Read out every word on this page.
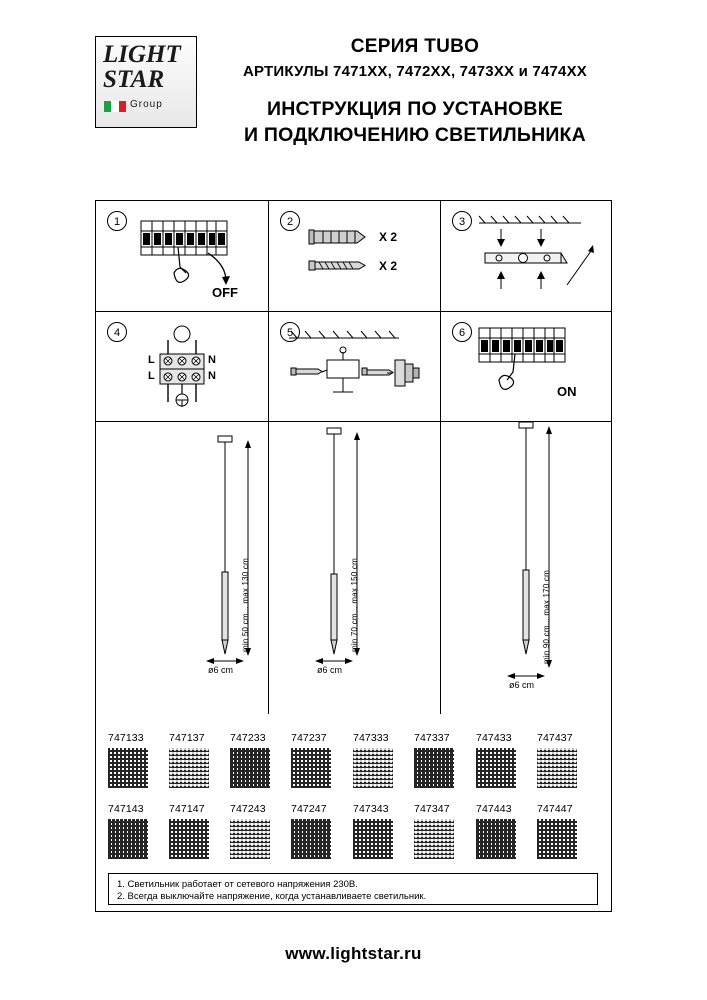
LIGHT
STAR
Group
СЕРИЯ TUBO
АРТИКУЛЫ 7471XX, 7472XX, 7473XX и 7474XX
ИНСТРУКЦИЯ ПО УСТАНОВКЕ
И ПОДКЛЮЧЕНИЮ СВЕТИЛЬНИКА
1
OFF
2
X 2
X 2
3
4
L	N
L	N
5	6
ON
min 50 cm... max 130 cm
ø6 cm
min 70 cm... max 150 cm
ø6 cm
min 90 cm... max 170 cm
ø6 cm
747133	747137	747233	747237	747333	747337	747433	747437
747143	747147	747243	747247	747343	747347	747443	747447
1. Светильник работает от сетевого напряжения 230В.
2. Всегда выключайте напряжение, когда устанавливаете светильник.
www.lightstar.ru
